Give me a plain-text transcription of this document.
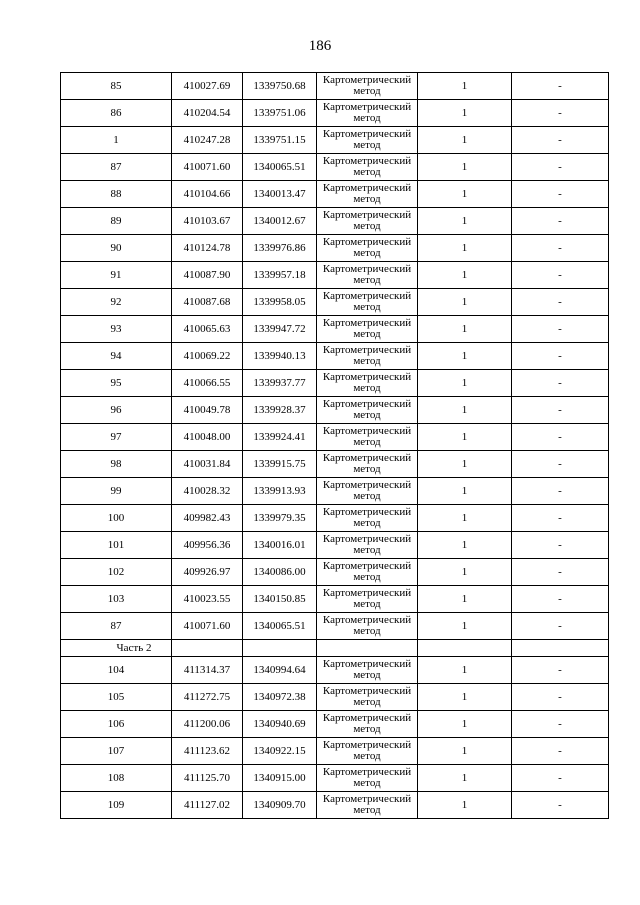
186
85	410027.69	1339750.68	Картометрический метод	1	-
86	410204.54	1339751.06	Картометрический метод	1	-
1	410247.28	1339751.15	Картометрический метод	1	-
87	410071.60	1340065.51	Картометрический метод	1	-
88	410104.66	1340013.47	Картометрический метод	1	-
89	410103.67	1340012.67	Картометрический метод	1	-
90	410124.78	1339976.86	Картометрический метод	1	-
91	410087.90	1339957.18	Картометрический метод	1	-
92	410087.68	1339958.05	Картометрический метод	1	-
93	410065.63	1339947.72	Картометрический метод	1	-
94	410069.22	1339940.13	Картометрический метод	1	-
95	410066.55	1339937.77	Картометрический метод	1	-
96	410049.78	1339928.37	Картометрический метод	1	-
97	410048.00	1339924.41	Картометрический метод	1	-
98	410031.84	1339915.75	Картометрический метод	1	-
99	410028.32	1339913.93	Картометрический метод	1	-
100	409982.43	1339979.35	Картометрический метод	1	-
101	409956.36	1340016.01	Картометрический метод	1	-
102	409926.97	1340086.00	Картометрический метод	1	-
103	410023.55	1340150.85	Картометрический метод	1	-
87	410071.60	1340065.51	Картометрический метод	1	-
Часть 2					
104	411314.37	1340994.64	Картометрический метод	1	-
105	411272.75	1340972.38	Картометрический метод	1	-
106	411200.06	1340940.69	Картометрический метод	1	-
107	411123.62	1340922.15	Картометрический метод	1	-
108	411125.70	1340915.00	Картометрический метод	1	-
109	411127.02	1340909.70	Картометрический метод	1	-
